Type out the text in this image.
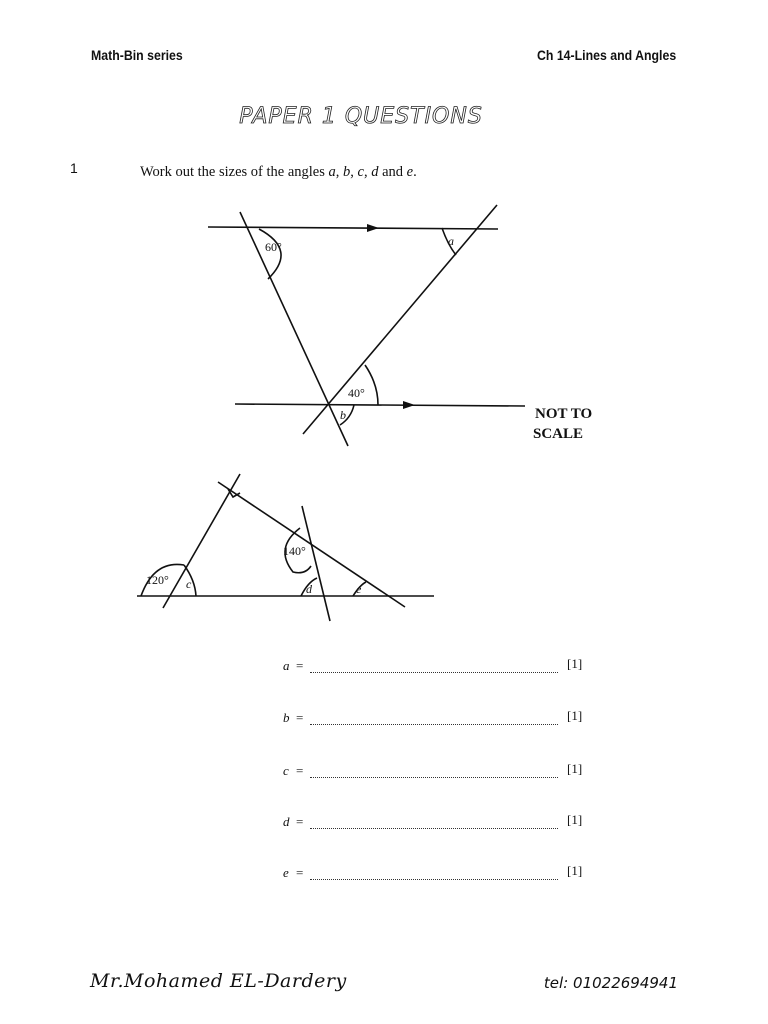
Math-Bin series	Ch 14-Lines and Angles
PAPER 1 QUESTIONS
1	Work out the sizes of the angles a, b, c, d and e.
60°	a
40°
b	NOT TO
SCALE
120° c
140°
d	e
a =	[1]
b =	[1]
c =	[1]
d =	[1]
e =	[1]
Mr.Mohamed EL-Dardery	tel: 01022694941
